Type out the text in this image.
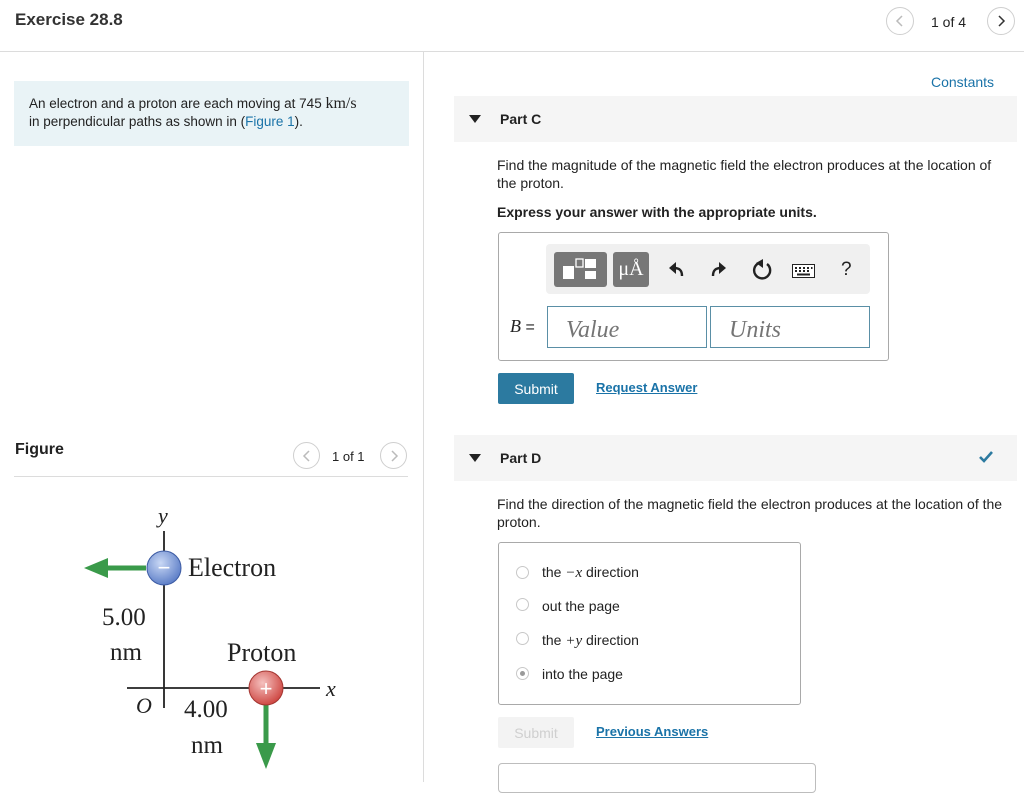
Exercise 28.8	1 of 4
An electron and a proton are each moving at 745 km/s
in perpendicular paths as shown in (Figure 1).
Figure	1 of 1
y
x
O
− Electron
5.00
nm	Proton
4.00
nm
+
Constants
Part C
Find the magnitude of the magnetic field the electron produces at the location of the proton.
Express your answer with the appropriate units.
μÅ	?
B =
Value
Units
Submit	Request Answer
Part D
Find the direction of the magnetic field the electron produces at the location of the proton.
the −x direction
out the page
the +y direction
into the page
Submit	Previous Answers
